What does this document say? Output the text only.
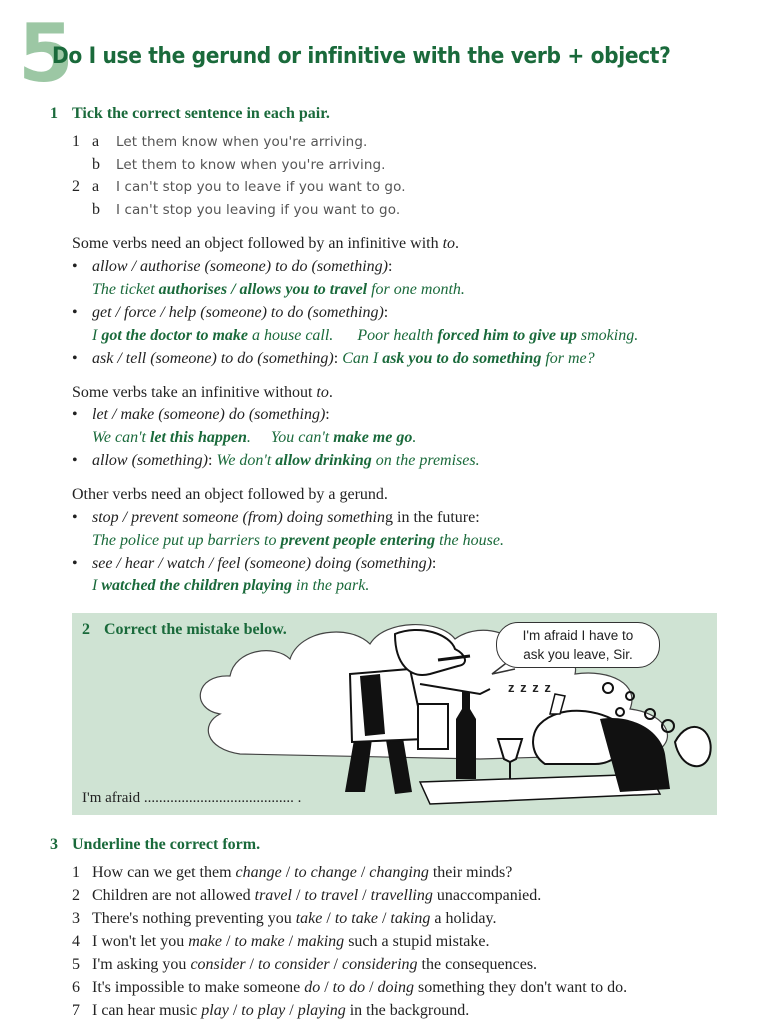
5
Do I use the gerund or infinitive with the verb + object?
1 Tick the correct sentence in each pair.
1 a Let them know when you're arriving.
b Let them to know when you're arriving.
2 a I can't stop you to leave if you want to go.
b I can't stop you leaving if you want to go.
Some verbs need an object followed by an infinitive with to.
• allow / authorise (someone) to do (something):
The ticket authorises / allows you to travel for one month.
• get / force / help (someone) to do (something):
I got the doctor to make a house call. Poor health forced him to give up smoking.
• ask / tell (someone) to do (something): Can I ask you to do something for me?
Some verbs take an infinitive without to.
• let / make (someone) do (something):
We can't let this happen. You can't make me go.
• allow (something): We don't allow drinking on the premises.
Other verbs need an object followed by a gerund.
• stop / prevent someone (from) doing something in the future:
The police put up barriers to prevent people entering the house.
• see / hear / watch / feel (someone) doing (something):
I watched the children playing in the park.
2 Correct the mistake below.
z z z z
I'm afraid I have to
ask you leave, Sir.
I'm afraid ........................................ .
3 Underline the correct form.
1 How can we get them change / to change / changing their minds?
2 Children are not allowed travel / to travel / travelling unaccompanied.
3 There's nothing preventing you take / to take / taking a holiday.
4 I won't let you make / to make / making such a stupid mistake.
5 I'm asking you consider / to consider / considering the consequences.
6 It's impossible to make someone do / to do / doing something they don't want to do.
7 I can hear music play / to play / playing in the background.
